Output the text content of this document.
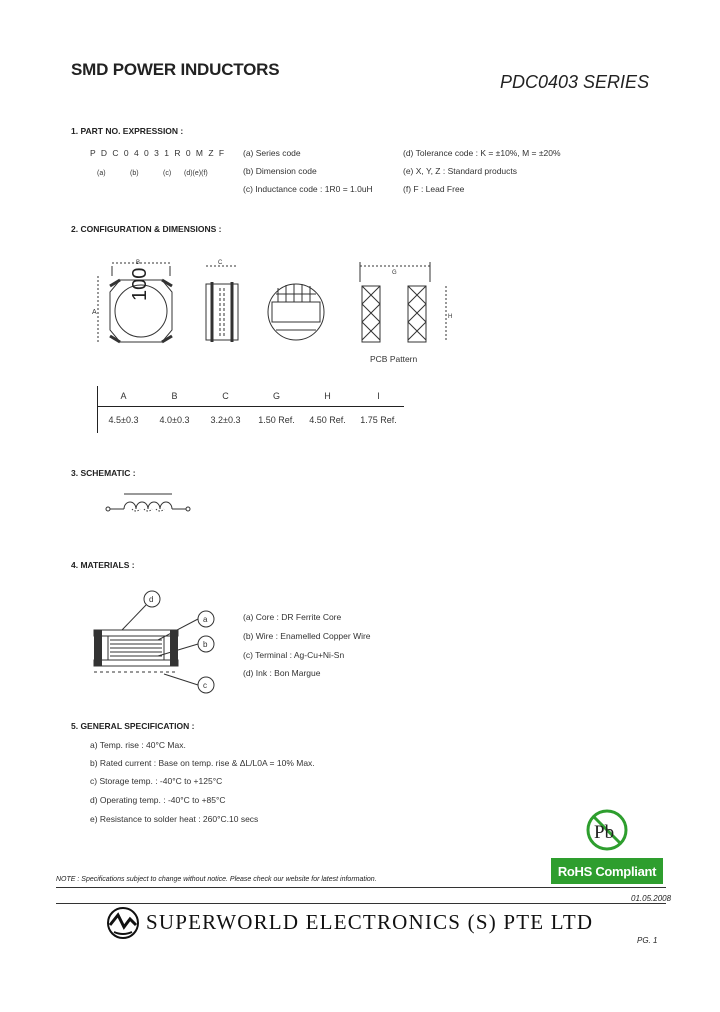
SMD POWER INDUCTORS
PDC0403 SERIES
1. PART NO. EXPRESSION :
P D C 0 4 0 3 1 R 0 M Z F
(a)	(b)	(c) (d)(e)(f)
(a) Series code
(b) Dimension code
(c) Inductance code : 1R0 = 1.0uH
(d) Tolerance code : K = ±10%, M = ±20%
(e) X, Y, Z : Standard products
(f) F : Lead Free
2. CONFIGURATION & DIMENSIONS :
B
A
100
C
G
H
PCB Pattern
A	B	C	G	H	I
4.5±0.3	4.0±0.3	3.2±0.3	1.50 Ref.	4.50 Ref.	1.75 Ref.
3. SCHEMATIC :
4. MATERIALS :
d
a
b
c
(a) Core : DR Ferrite Core
(b) Wire : Enamelled Copper Wire
(c) Terminal : Ag-Cu+Ni-Sn
(d) Ink : Bon Margue
5. GENERAL SPECIFICATION :
a) Temp. rise : 40°C Max.
b) Rated current : Base on temp. rise & ΔL/L0A = 10% Max.
c) Storage temp. : -40°C to +125°C
d) Operating temp. : -40°C to +85°C
e) Resistance to solder heat : 260°C.10 secs
Pb
RoHS Compliant
NOTE : Specifications subject to change without notice. Please check our website for latest information.
01.05.2008
SUPERWORLD ELECTRONICS (S) PTE LTD
PG. 1
